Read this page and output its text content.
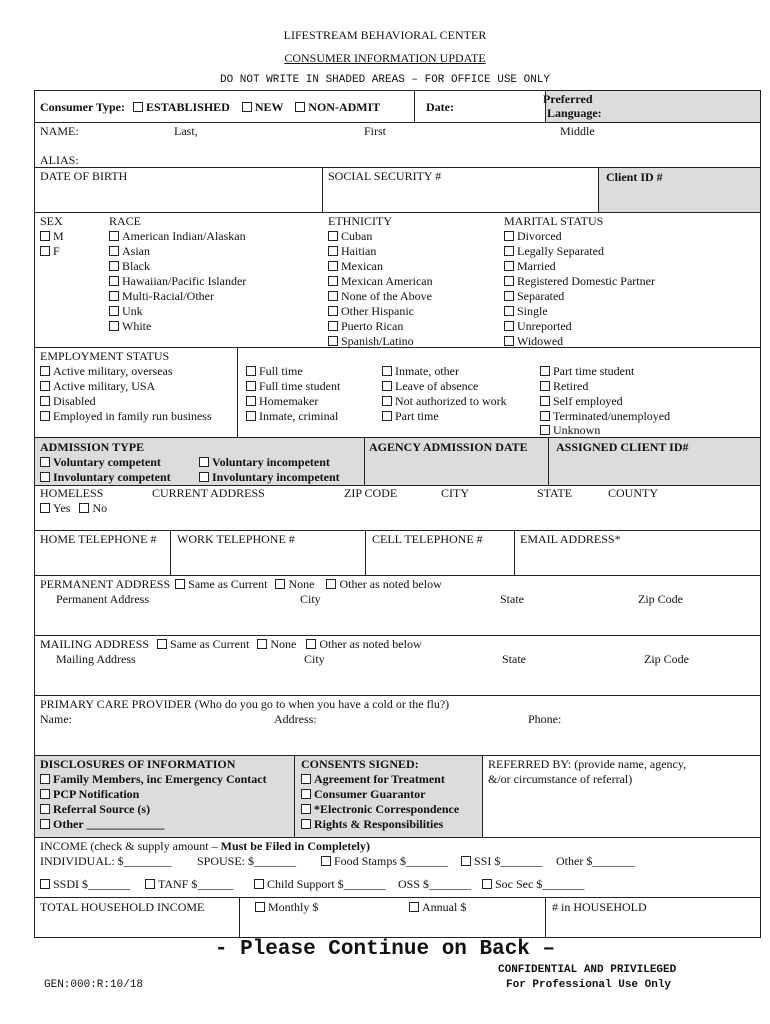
LIFESTREAM BEHAVIORAL CENTER
CONSUMER INFORMATION UPDATE
DO NOT WRITE IN SHADED AREAS – FOR OFFICE USE ONLY
Consumer Type: ESTABLISHED NEW NON-ADMIT	Date:
Preferred
Language:
NAME:	Last,	First	Middle
ALIAS:
DATE OF BIRTH	SOCIAL SECURITY #	Client ID #
SEX
M
F
RACE
American Indian/Alaskan
Asian
Black
Hawaiian/Pacific Islander
Multi-Racial/Other
Unk
White
ETHNICITY
Cuban
Haitian
Mexican
Mexican American
None of the Above
Other Hispanic
Puerto Rican
Spanish/Latino
MARITAL STATUS
Divorced
Legally Separated
Married
Registered Domestic Partner
Separated
Single
Unreported
Widowed
EMPLOYMENT STATUS
Active military, overseas
Active military, USA
Disabled
Employed in family run business
Full time
Full time student
Homemaker
Inmate, criminal
Inmate, other
Leave of absence
Not authorized to work
Part time
Part time student
Retired
Self employed
Terminated/unemployed
Unknown
ADMISSION TYPE
Voluntary competent	Voluntary incompetent
Involuntary competent	Involuntary incompetent
AGENCY ADMISSION DATE ASSIGNED CLIENT ID#
HOMELESS
Yes No
CURRENT ADDRESS	ZIP CODE	CITY	STATE	COUNTY
HOME TELEPHONE # WORK TELEPHONE #	CELL TELEPHONE #	EMAIL ADDRESS*
PERMANENT ADDRESS Same as Current None Other as noted below
Permanent Address	City	State	Zip Code
MAILING ADDRESS Same as Current None Other as noted below
Mailing Address	City	State	Zip Code
PRIMARY CARE PROVIDER (Who do you go to when you have a cold or the flu?)
Name:	Address:	Phone:
DISCLOSURES OF INFORMATION
Family Members, inc Emergency Contact
PCP Notification
Referral Source (s)
Other _____________
CONSENTS SIGNED:
Agreement for Treatment
Consumer Guarantor
*Electronic Correspondence
Rights & Responsibilities
REFERRED BY: (provide name, agency,
&/or circumstance of referral)
INCOME (check & supply amount – Must be Filed in Completely)
INDIVIDUAL: $________ SPOUSE: $_______	Food Stamps $_______	SSI $_______ Other $_______
SSDI $_______	TANF $______	Child Support $_______ OSS $_______	Soc Sec $_______
TOTAL HOUSEHOLD INCOME	Monthly $	Annual $	# in HOUSEHOLD
- Please Continue on Back –
GEN:000:R:10/18
CONFIDENTIAL AND PRIVILEGED
For Professional Use Only
